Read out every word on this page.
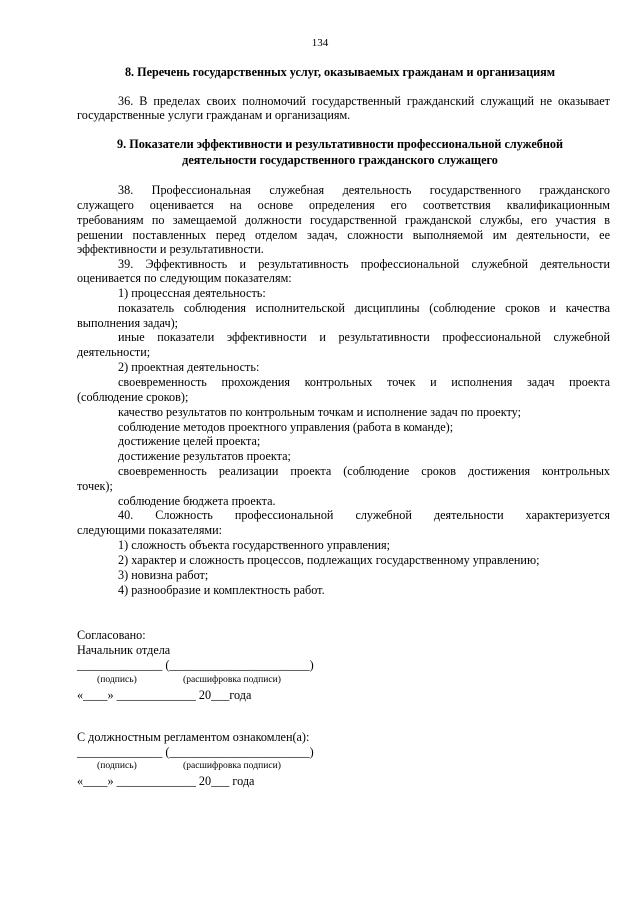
134
8. Перечень государственных услуг, оказываемых гражданам и организациям
36. В пределах своих полномочий государственный гражданский служащий не оказывает
государственные услуги гражданам и организациям.
9. Показатели эффективности и результативности профессиональной служебной
деятельности государственного гражданского служащего
38. Профессиональная служебная деятельность государственного гражданского
служащего оценивается на основе определения его соответствия квалификационным
требованиям по замещаемой должности государственной гражданской службы, его участия в
решении поставленных перед отделом задач, сложности выполняемой им деятельности, ее
эффективности и результативности.
39. Эффективность и результативность профессиональной служебной деятельности
оценивается по следующим показателям:
1) процессная деятельность:
показатель соблюдения исполнительской дисциплины (соблюдение сроков и качества
выполнения задач);
иные показатели эффективности и результативности профессиональной служебной
деятельности;
2) проектная деятельность:
своевременность прохождения контрольных точек и исполнения задач проекта
(соблюдение сроков);
качество результатов по контрольным точкам и исполнение задач по проекту;
соблюдение методов проектного управления (работа в команде);
достижение целей проекта;
достижение результатов проекта;
своевременность реализации проекта (соблюдение сроков достижения контрольных
точек);
соблюдение бюджета проекта.
40. Сложность профессиональной служебной деятельности характеризуется
следующими показателями:
1) сложность объекта государственного управления;
2) характер и сложность процессов, подлежащих государственному управлению;
3) новизна работ;
4) разнообразие и комплектность работ.
Согласовано:
Начальник отдела
______________ (_______________________)
(подпись)	(расшифровка подписи)
«____» _____________ 20___года
С должностным регламентом ознакомлен(а):
______________ (_______________________)
(подпись)	(расшифровка подписи)
«____» _____________ 20___ года
